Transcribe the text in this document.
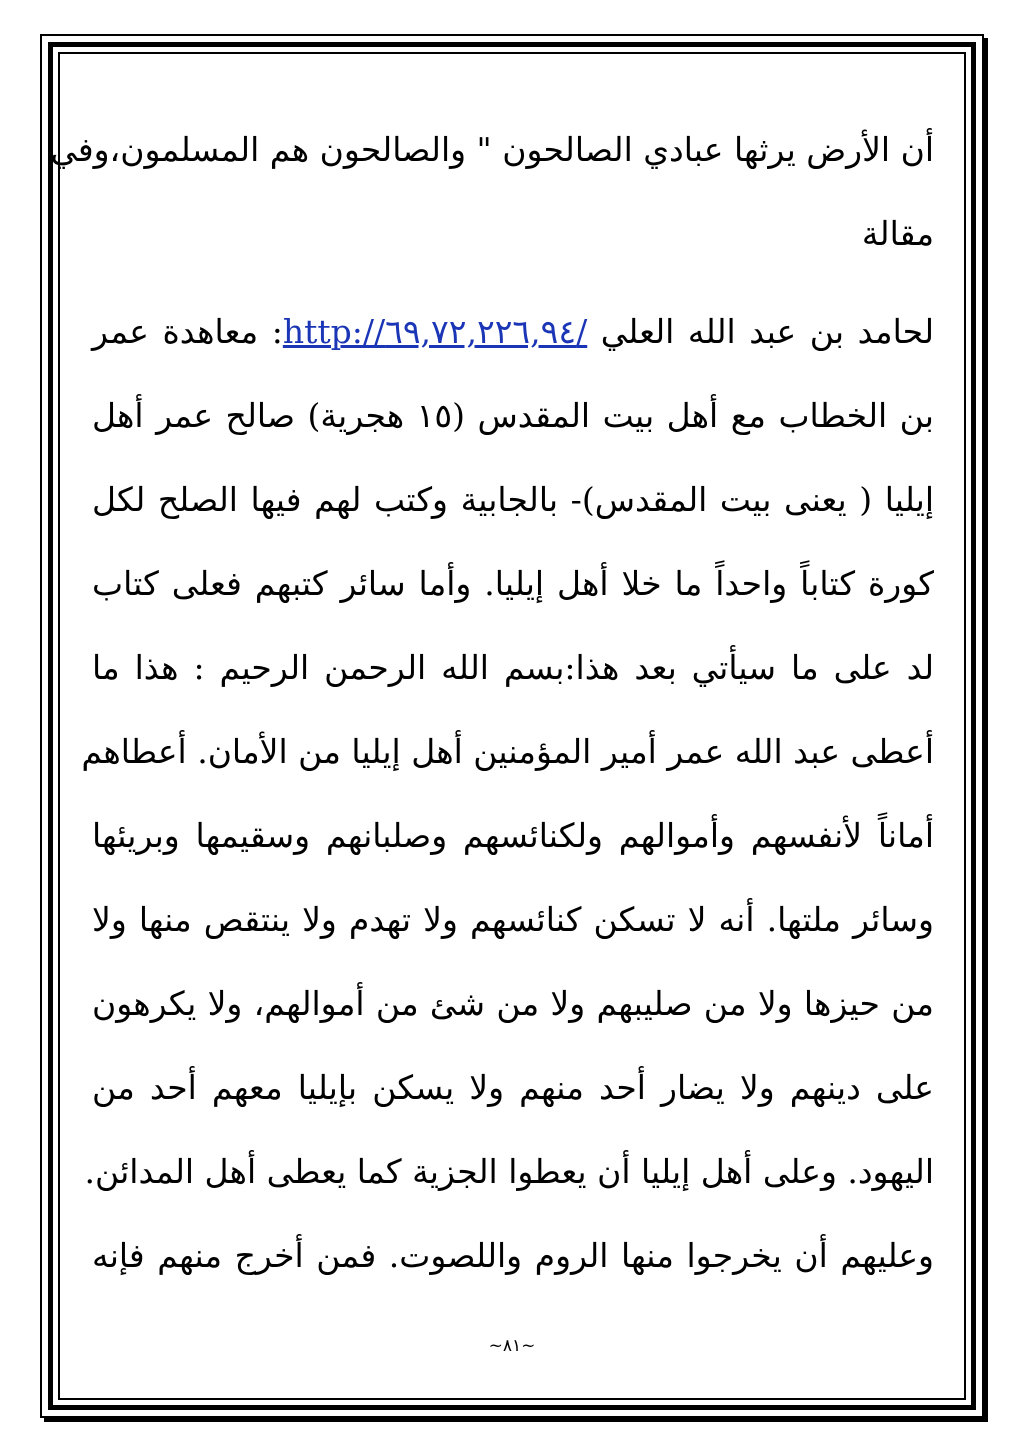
أن الأرض يرثها عبادي الصالحون " والصالحون هم المسلمون،وفي
مقالة
لحامد بن عبد الله العلي http://٦٩,٧٢,٢٢٦,٩٤/: معاهدة عمر
بن الخطاب مع أهل بيت المقدس (١٥ هجرية) صالح عمر أهل
إيليا ( يعنى بيت المقدس)- بالجابية وكتب لهم فيها الصلح لكل
كورة كتاباً واحداً ما خلا أهل إيليا. وأما سائر كتبهم فعلى كتاب
لد على ما سيأتي بعد هذا:بسم الله الرحمن الرحيم : هذا ما
أعطى عبد الله عمر أمير المؤمنين أهل إيليا من الأمان. أعطاهم
أماناً لأنفسهم وأموالهم ولكنائسهم وصلبانهم وسقيمها وبريئها
وسائر ملتها. أنه لا تسكن كنائسهم ولا تهدم ولا ينتقص منها ولا
من حيزها ولا من صليبهم ولا من شئ من أموالهم، ولا يكرهون
على دينهم ولا يضار أحد منهم ولا يسكن بإيليا معهم أحد من
اليهود. وعلى أهل إيليا أن يعطوا الجزية كما يعطى أهل المدائن.
وعليهم أن يخرجوا منها الروم واللصوت. فمن أخرج منهم فإنه
~٨١~
